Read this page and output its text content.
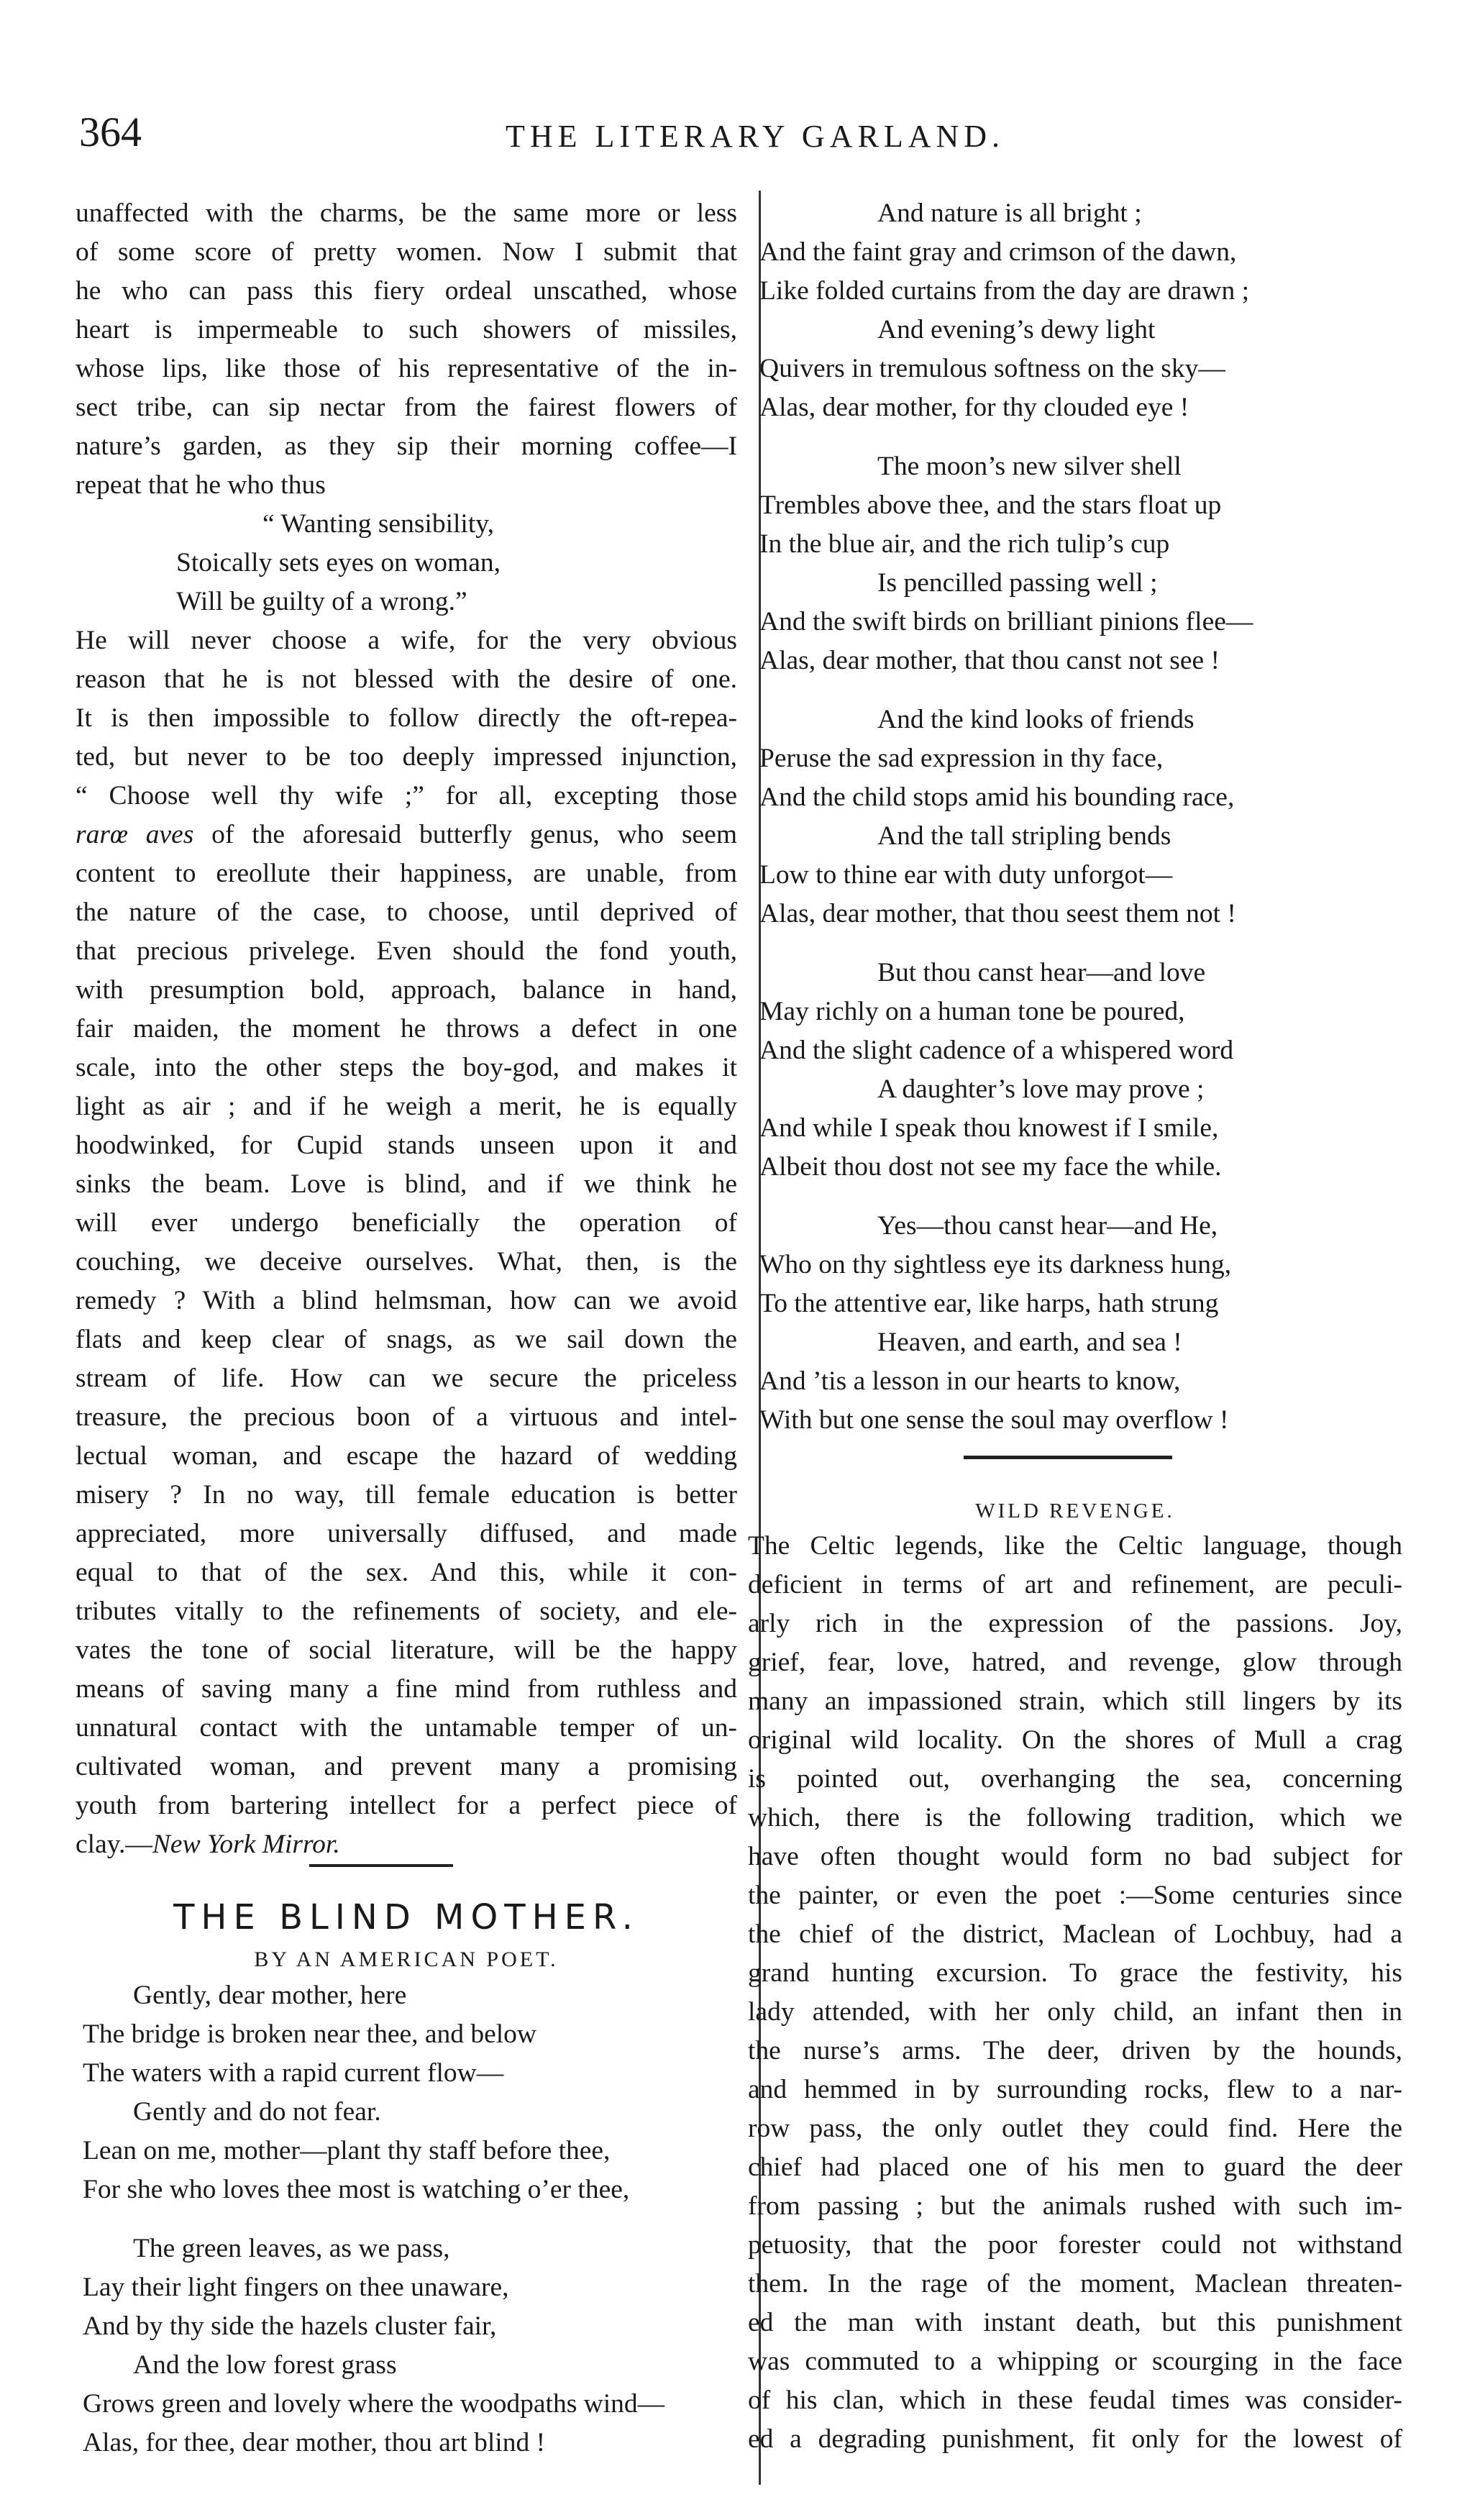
364	THE LITERARY GARLAND.
unaffected with the charms, be the same more or less
of some score of pretty women. Now I submit that
he who can pass this fiery ordeal unscathed, whose
heart is impermeable to such showers of missiles,
whose lips, like those of his representative of the in-
sect tribe, can sip nectar from the fairest flowers of
nature’s garden, as they sip their morning coffee—I
repeat that he who thus
“ Wanting sensibility,
Stoically sets eyes on woman,
Will be guilty of a wrong.”
He will never choose a wife, for the very obvious
reason that he is not blessed with the desire of one.
It is then impossible to follow directly the oft-repea-
ted, but never to be too deeply impressed injunction,
“ Choose well thy wife ;” for all, excepting those
rarœ aves of the aforesaid butterfly genus, who seem
content to ereollute their happiness, are unable, from
the nature of the case, to choose, until deprived of
that precious privelege. Even should the fond youth,
with presumption bold, approach, balance in hand,
fair maiden, the moment he throws a defect in one
scale, into the other steps the boy-god, and makes it
light as air ; and if he weigh a merit, he is equally
hoodwinked, for Cupid stands unseen upon it and
sinks the beam. Love is blind, and if we think he
will ever undergo beneficially the operation of
couching, we deceive ourselves. What, then, is the
remedy ? With a blind helmsman, how can we avoid
flats and keep clear of snags, as we sail down the
stream of life. How can we secure the priceless
treasure, the precious boon of a virtuous and intel-
lectual woman, and escape the hazard of wedding
misery ? In no way, till female education is better
appreciated, more universally diffused, and made
equal to that of the sex. And this, while it con-
tributes vitally to the refinements of society, and ele-
vates the tone of social literature, will be the happy
means of saving many a fine mind from ruthless and
unnatural contact with the untamable temper of un-
cultivated woman, and prevent many a promising
youth from bartering intellect for a perfect piece of
clay.—New York Mirror.
THE BLIND MOTHER.
BY AN AMERICAN POET.
Gently, dear mother, here
The bridge is broken near thee, and below
The waters with a rapid current flow—
Gently and do not fear.
Lean on me, mother—plant thy staff before thee,
For she who loves thee most is watching o’er thee,
The green leaves, as we pass,
Lay their light fingers on thee unaware,
And by thy side the hazels cluster fair,
And the low forest grass
Grows green and lovely where the woodpaths wind—
Alas, for thee, dear mother, thou art blind !
And nature is all bright ;
And the faint gray and crimson of the dawn,
Like folded curtains from the day are drawn ;
And evening’s dewy light
Quivers in tremulous softness on the sky—
Alas, dear mother, for thy clouded eye !
The moon’s new silver shell
Trembles above thee, and the stars float up
In the blue air, and the rich tulip’s cup
Is pencilled passing well ;
And the swift birds on brilliant pinions flee—
Alas, dear mother, that thou canst not see !
And the kind looks of friends
Peruse the sad expression in thy face,
And the child stops amid his bounding race,
And the tall stripling bends
Low to thine ear with duty unforgot—
Alas, dear mother, that thou seest them not !
But thou canst hear—and love
May richly on a human tone be poured,
And the slight cadence of a whispered word
A daughter’s love may prove ;
And while I speak thou knowest if I smile,
Albeit thou dost not see my face the while.
Yes—thou canst hear—and He,
Who on thy sightless eye its darkness hung,
To the attentive ear, like harps, hath strung
Heaven, and earth, and sea !
And ’tis a lesson in our hearts to know,
With but one sense the soul may overflow !
WILD REVENGE.
The Celtic legends, like the Celtic language, though
deficient in terms of art and refinement, are peculi-
arly rich in the expression of the passions. Joy,
grief, fear, love, hatred, and revenge, glow through
many an impassioned strain, which still lingers by its
original wild locality. On the shores of Mull a crag
is pointed out, overhanging the sea, concerning
which, there is the following tradition, which we
have often thought would form no bad subject for
the painter, or even the poet :—Some centuries since
the chief of the district, Maclean of Lochbuy, had a
grand hunting excursion. To grace the festivity, his
lady attended, with her only child, an infant then in
the nurse’s arms. The deer, driven by the hounds,
and hemmed in by surrounding rocks, flew to a nar-
row pass, the only outlet they could find. Here the
chief had placed one of his men to guard the deer
from passing ; but the animals rushed with such im-
petuosity, that the poor forester could not withstand
them. In the rage of the moment, Maclean threaten-
ed the man with instant death, but this punishment
was commuted to a whipping or scourging in the face
of his clan, which in these feudal times was consider-
ed a degrading punishment, fit only for the lowest of
